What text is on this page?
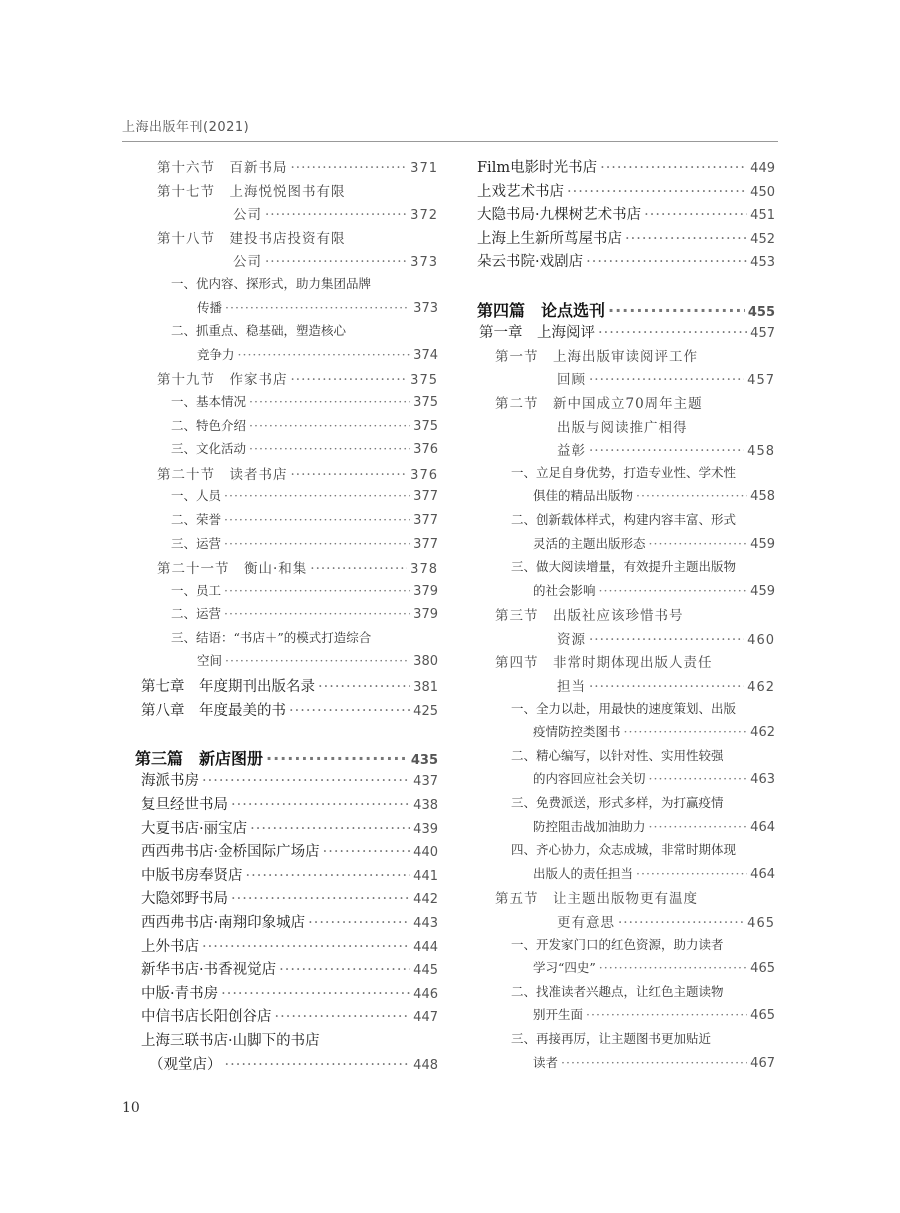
上海出版年刊(2021)
第十六节　百新书局 ·····	371
第十七节　上海悦悦图书有限
公司 ·····	372
第十八节　建投书店投资有限
公司 ·····	373
一、优内容、探形式，助力集团品牌
传播 ·····	373
二、抓重点、稳基础，塑造核心
竞争力 ·····	374
第十九节　作家书店 ·····	375
一、基本情况 ·····	375
二、特色介绍 ·····	375
三、文化活动 ·····	376
第二十节　读者书店 ·····	376
一、人员 ·····	377
二、荣誉 ·····	377
三、运营 ·····	377
第二十一节　衡山·和集 ·····	378
一、员工 ·····	379
二、运营 ·····	379
三、结语：“书店＋”的模式打造综合
空间 ·····	380
第七章　年度期刊出版名录 ·····	381
第八章　年度最美的书 ·····	425
第三篇　新店图册 ·····	435
海派书房 ·····	437
复旦经世书局 ·····	438
大夏书店·丽宝店 ·····	439
西西弗书店·金桥国际广场店 ·····	440
中版书房奉贤店 ·····	441
大隐郊野书局 ·····	442
西西弗书店·南翔印象城店 ·····	443
上外书店 ·····	444
新华书店·书香视觉店 ·····	445
中版·青书房 ·····	446
中信书店长阳创谷店 ·····	447
上海三联书店·山脚下的书店
（观堂店） ·····	448
Film电影时光书店 ·····	449
上戏艺术书店 ·····	450
大隐书局·九棵树艺术书店 ·····	451
上海上生新所茑屋书店 ·····	452
朵云书院·戏剧店 ·····	453
第四篇　论点选刊 ·····	455
第一章　上海阅评 ·····	457
第一节　上海出版审读阅评工作
回顾 ·····	457
第二节　新中国成立70周年主题
出版与阅读推广相得
益彰 ·····	458
一、立足自身优势，打造专业性、学术性
俱佳的精品出版物 ·····	458
二、创新载体样式，构建内容丰富、形式
灵活的主题出版形态 ·····	459
三、做大阅读增量，有效提升主题出版物
的社会影响 ·····	459
第三节　出版社应该珍惜书号
资源 ·····	460
第四节　非常时期体现出版人责任
担当 ·····	462
一、全力以赴，用最快的速度策划、出版
疫情防控类图书 ·····	462
二、精心编写，以针对性、实用性较强
的内容回应社会关切 ·····	463
三、免费派送，形式多样，为打赢疫情
防控阻击战加油助力 ·····	464
四、齐心协力，众志成城，非常时期体现
出版人的责任担当 ·····	464
第五节　让主题出版物更有温度
更有意思 ·····	465
一、开发家门口的红色资源，助力读者
学习“四史” ·····	465
二、找准读者兴趣点，让红色主题读物
别开生面 ·····	465
三、再接再厉，让主题图书更加贴近
读者 ·····	467
10
